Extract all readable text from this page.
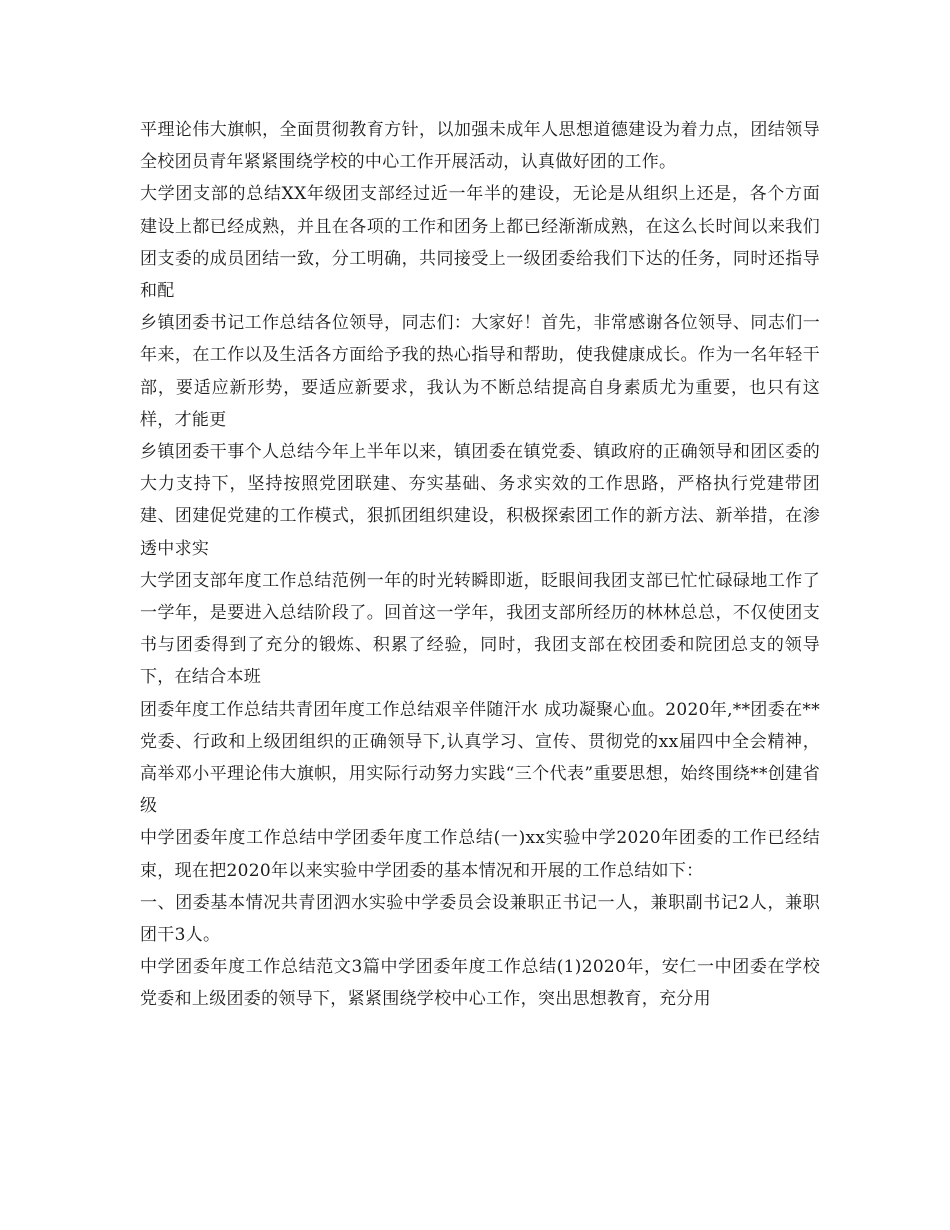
平理论伟大旗帜，全面贯彻教育方针，以加强未成年人思想道德建设为着力点，团结领导全校团员青年紧紧围绕学校的中心工作开展活动，认真做好团的工作。

大学团支部的总结XX年级团支部经过近一年半的建设，无论是从组织上还是，各个方面建设上都已经成熟，并且在各项的工作和团务上都已经渐渐成熟，在这么长时间以来我们团支委的成员团结一致，分工明确，共同接受上一级团委给我们下达的任务，同时还指导和配

乡镇团委书记工作总结各位领导，同志们：大家好！首先，非常感谢各位领导、同志们一年来，在工作以及生活各方面给予我的热心指导和帮助，使我健康成长。作为一名年轻干部，要适应新形势，要适应新要求，我认为不断总结提高自身素质尤为重要，也只有这样，才能更

乡镇团委干事个人总结今年上半年以来，镇团委在镇党委、镇政府的正确领导和团区委的大力支持下，坚持按照党团联建、夯实基础、务求实效的工作思路，严格执行党建带团建、团建促党建的工作模式，狠抓团组织建设，积极探索团工作的新方法、新举措，在渗透中求实

大学团支部年度工作总结范例一年的时光转瞬即逝，眨眼间我团支部已忙忙碌碌地工作了一学年，是要进入总结阶段了。回首这一学年，我团支部所经历的林林总总，不仅使团支书与团委得到了充分的锻炼、积累了经验，同时，我团支部在校团委和院团总支的领导下，在结合本班

团委年度工作总结共青团年度工作总结艰辛伴随汗水 成功凝聚心血。2020年,**团委在**党委、行政和上级团组织的正确领导下,认真学习、宣传、贯彻党的xx届四中全会精神，高举邓小平理论伟大旗帜，用实际行动努力实践“三个代表”重要思想，始终围绕**创建省级

中学团委年度工作总结中学团委年度工作总结(一)xx实验中学2020年团委的工作已经结束，现在把2020年以来实验中学团委的基本情况和开展的工作总结如下：

一、团委基本情况共青团泗水实验中学委员会设兼职正书记一人，兼职副书记2人，兼职团干3人。

中学团委年度工作总结范文3篇中学团委年度工作总结(1)2020年，安仁一中团委在学校党委和上级团委的领导下，紧紧围绕学校中心工作，突出思想教育，充分用
